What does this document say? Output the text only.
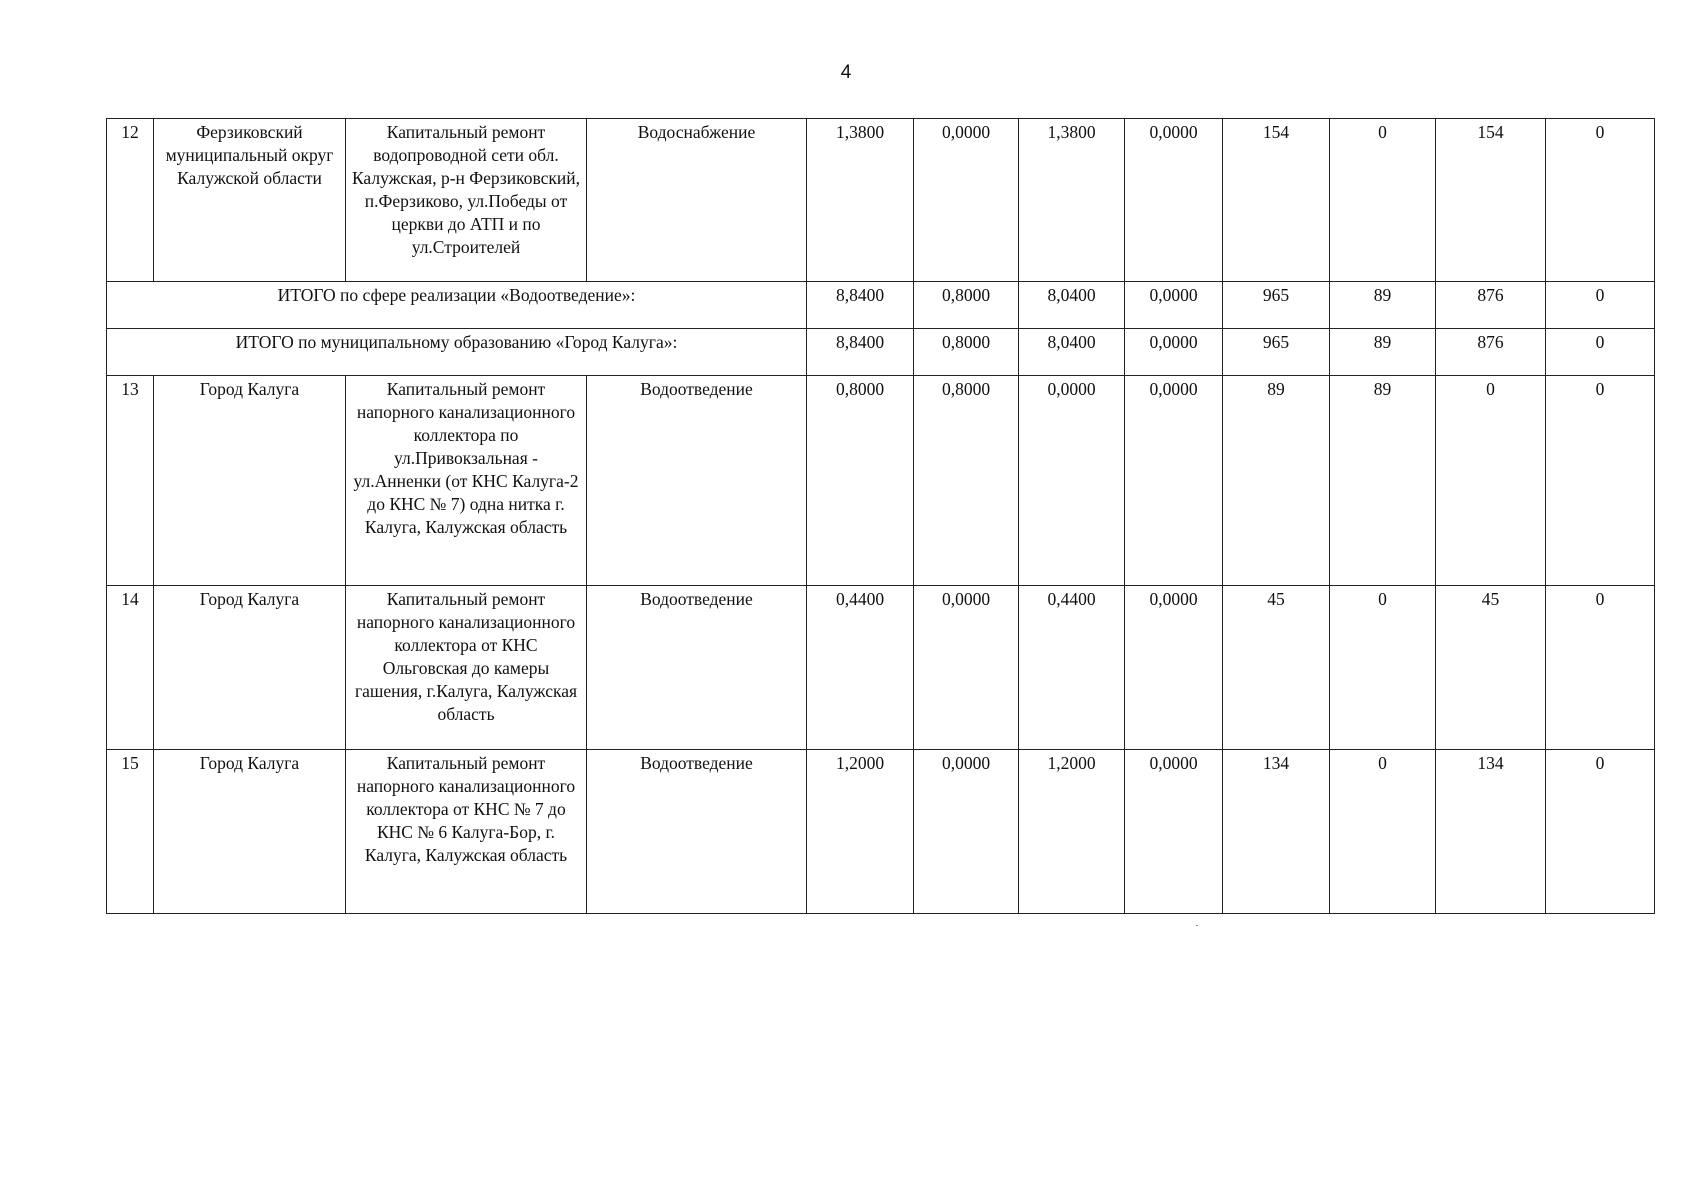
4
12	Ферзиковский муниципальный округ Калужской области	Капитальный ремонт водопроводной сети обл. Калужская, р-н Ферзиковский, п.Ферзиково, ул.Победы от церкви до АТП и по ул.Строителей	Водоснабжение	1,3800	0,0000	1,3800	0,0000	154	0	154	0
ИТОГО по сфере реализации «Водоотведение»:				8,8400	0,8000	8,0400	0,0000	965	89	876	0
ИТОГО по муниципальному образованию «Город Калуга»:				8,8400	0,8000	8,0400	0,0000	965	89	876	0
13	Город Калуга	Капитальный ремонт напорного канализационного коллектора по ул.Привокзальная - ул.Анненки (от КНС Калуга-2 до КНС № 7) одна нитка г. Калуга, Калужская область	Водоотведение	0,8000	0,8000	0,0000	0,0000	89	89	0	0
14	Город Калуга	Капитальный ремонт напорного канализационного коллектора от КНС Ольговская до камеры гашения, г.Калуга, Калужская область	Водоотведение	0,4400	0,0000	0,4400	0,0000	45	0	45	0
15	Город Калуга	Капитальный ремонт напорного канализационного коллектора от КНС № 7 до КНС № 6 Калуга-Бор, г. Калуга, Калужская область	Водоотведение	1,2000	0,0000	1,2000	0,0000	134	0	134	0
